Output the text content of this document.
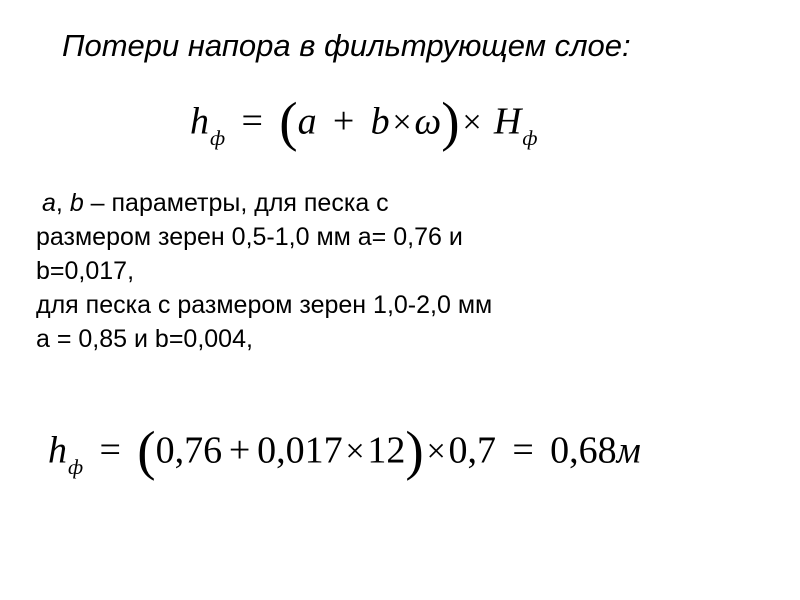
Потери напора в фильтрующем слое:
$h_ф = (a + b\times\omega)\times H_ф$
a, b – параметры, для песка с
размером зерен 0,5-1,0 мм а= 0,76 и
b=0,017,
для песка с размером зерен 1,0-2,0 мм
а = 0,85 и b=0,004,
$h_ф = (0,76 + 0,017\times 12)\times 0,7 = 0,68м$
